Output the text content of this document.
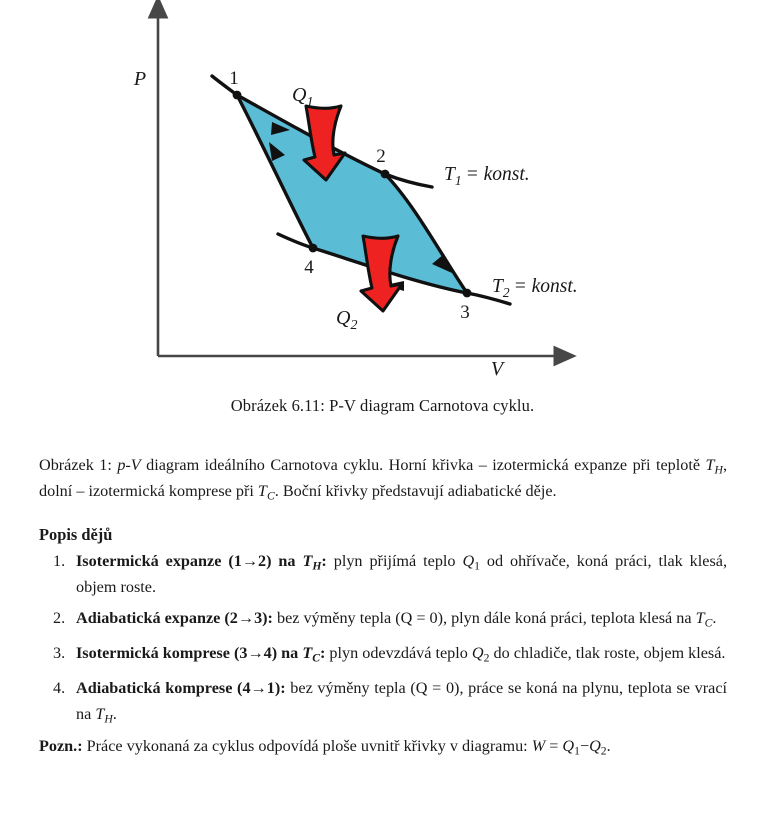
P
V
1
2
3
4
$Q_1$
$Q_2$
$T_1$ = konst.
$T_2$ = konst.
Obrázek 6.11: P-V diagram Carnotova cyklu.

Obrázek 1: p-V diagram ideálního Carnotova cyklu. Horní křivka – izotermická expanze při teplotě $T_H$, dolní – izotermická komprese při $T_C$. Boční křivky představují adiabatické děje.

Popis dějů
Isotermická expanze (1→2) na $T_H$: plyn přijímá teplo $Q_1$ od ohřívače, koná práci, tlak klesá, objem roste.
Adiabatická expanze (2→3): bez výměny tepla (Q = 0), plyn dále koná práci, teplota klesá na $T_C$.
Isotermická komprese (3→4) na $T_C$: plyn odevzdává teplo $Q_2$ do chladiče, tlak roste, objem klesá.
Adiabatická komprese (4→1): bez výměny tepla (Q = 0), práce se koná na plynu, teplota se vrací na $T_H$.

Pozn.: Práce vykonaná za cyklus odpovídá ploše uvnitř křivky v diagramu: $W = Q_1-Q_2$.
